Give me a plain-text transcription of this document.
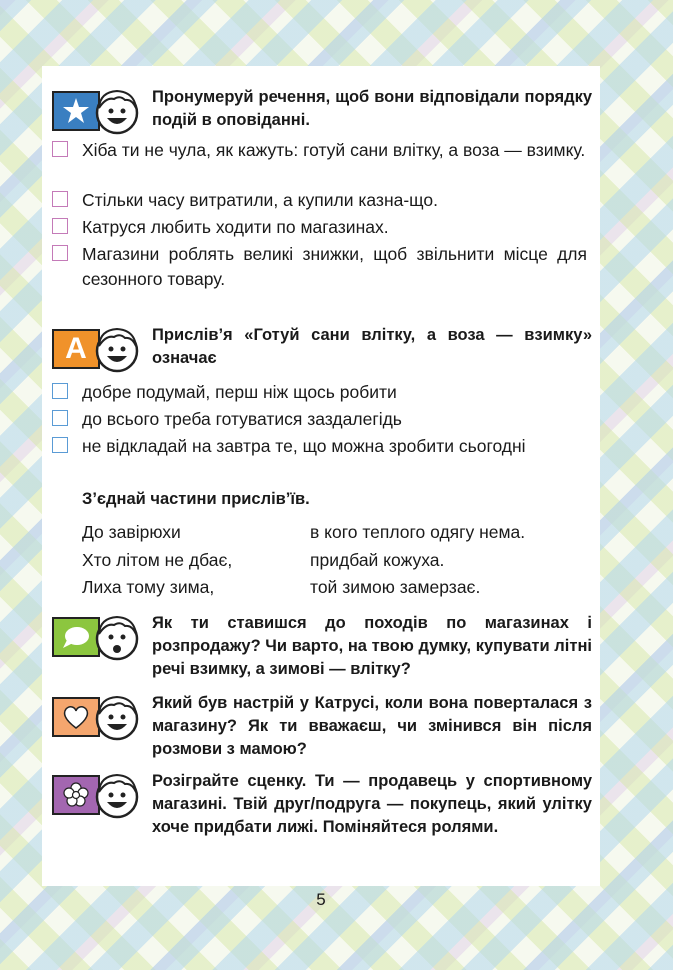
Пронумеруй речення, щоб вони відповідали порядку подій в оповіданні.
Хіба ти не чула, як кажуть: готуй сани влітку, а воза — взимку.
Стільки часу витратили, а купили казна-що.
Катруся любить ходити по магазинах.
Магазини роблять великі знижки, щоб звільнити місце для сезонного товару.
A	Прислів’я «Готуй сани влітку, а воза — взимку» означає
добре подумай, перш ніж щось робити
до всього треба готуватися заздалегідь
не відкладай на завтра те, що можна зробити сьогодні
З’єднай частини прислів’їв.
До завірюхи
Хто літом не дбає,
Лиха тому зима,
в кого теплого одягу нема.
придбай кожуха.
той зимою замерзає.
Як ти ставишся до походів по магазинах і розпродажу? Чи варто, на твою думку, купувати літні речі взимку, а зимові — влітку?
Який був настрій у Катрусі, коли вона поверталася з магазину? Як ти вважаєш, чи змінився він після розмови з мамою?
Розіграйте сценку. Ти — продавець у спортивному магазині. Твій друг/подруга — покупець, який улітку хоче придбати лижі. Поміняйтеся ролями.
5
